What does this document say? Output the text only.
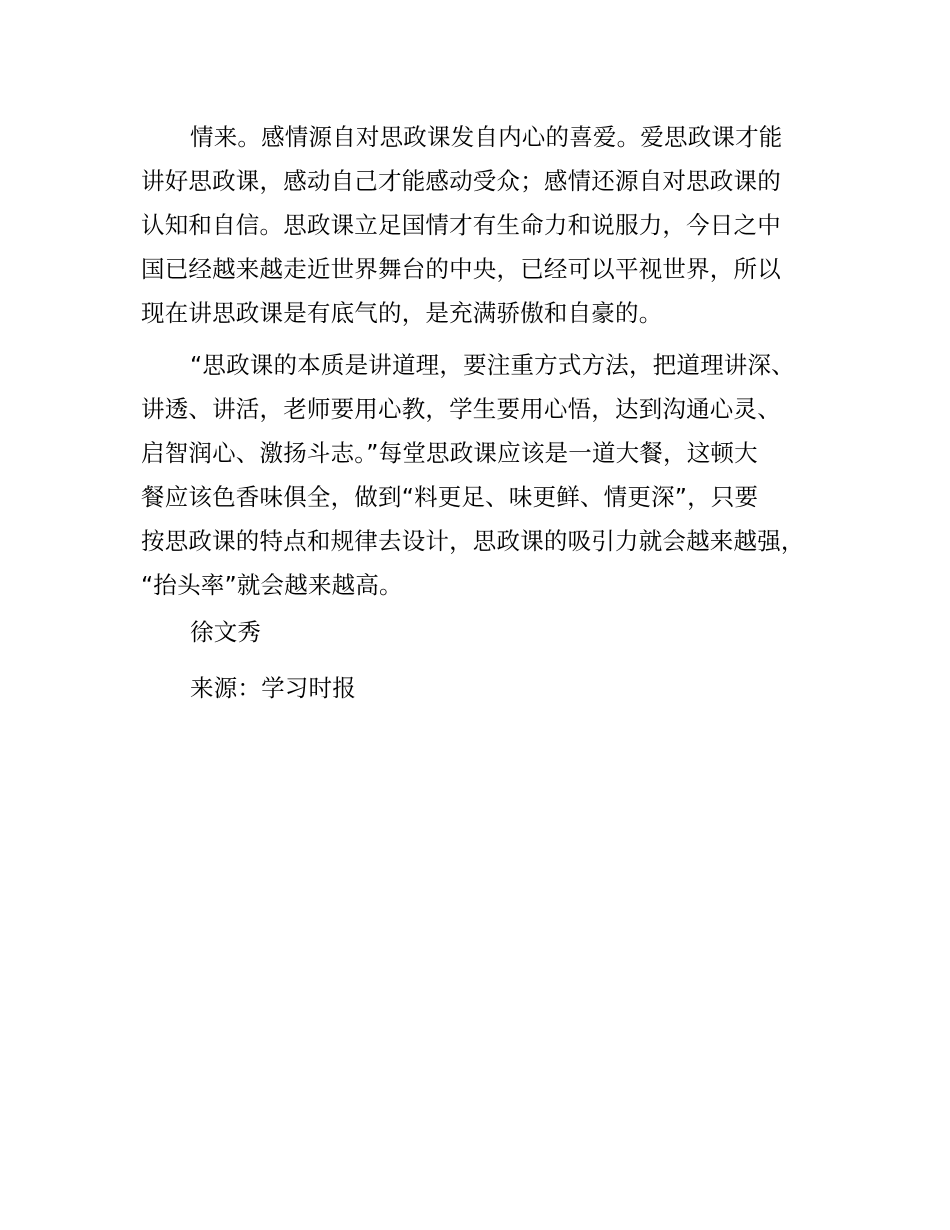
情来。感情源自对思政课发自内心的喜爱。爱思政课才能
讲好思政课，感动自己才能感动受众；感情还源自对思政课的
认知和自信。思政课立足国情才有生命力和说服力，今日之中
国已经越来越走近世界舞台的中央，已经可以平视世界，所以
现在讲思政课是有底气的，是充满骄傲和自豪的。
“思政课的本质是讲道理，要注重方式方法，把道理讲深、
讲透、讲活，老师要用心教，学生要用心悟，达到沟通心灵、
启智润心、激扬斗志。”每堂思政课应该是一道大餐，这顿大
餐应该色香味俱全，做到“料更足、味更鲜、情更深”，只要
按思政课的特点和规律去设计，思政课的吸引力就会越来越强，
“抬头率”就会越来越高。
徐文秀
来源：学习时报
